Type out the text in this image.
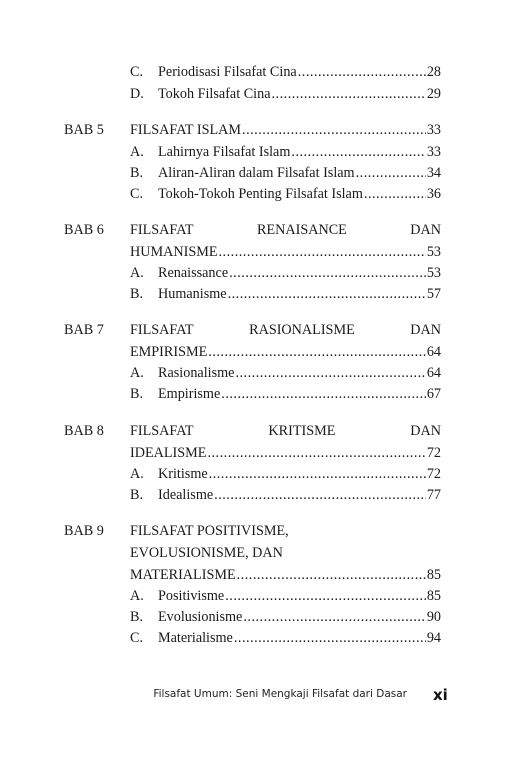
C.	Periodisasi Filsafat Cina .....	28
D.	Tokoh Filsafat Cina .....	29
BAB 5 FILSAFAT ISLAM .....	33
A.	Lahirnya Filsafat Islam .....	33
B.	Aliran-Aliran dalam Filsafat Islam .....	34
C.	Tokoh-Tokoh Penting Filsafat Islam .....	36
BAB 6 FILSAFAT	RENAISANCE	DAN
HUMANISME .....	53
A.	Renaissance .....	53
B.	Humanisme .....	57
BAB 7 FILSAFAT	RASIONALISME	DAN
EMPIRISME .....	64
A.	Rasionalisme .....	64
B.	Empirisme .....	67
BAB 8 FILSAFAT	KRITISME	DAN
IDEALISME .....	72
A.	Kritisme .....	72
B.	Idealisme .....	77
BAB 9 FILSAFAT POSITIVISME,
EVOLUSIONISME, DAN
MATERIALISME .....	85
A.	Positivisme .....	85
B.	Evolusionisme .....	90
C.	Materialisme .....	94
Filsafat Umum: Seni Mengkaji Filsafat dari Dasar xi
